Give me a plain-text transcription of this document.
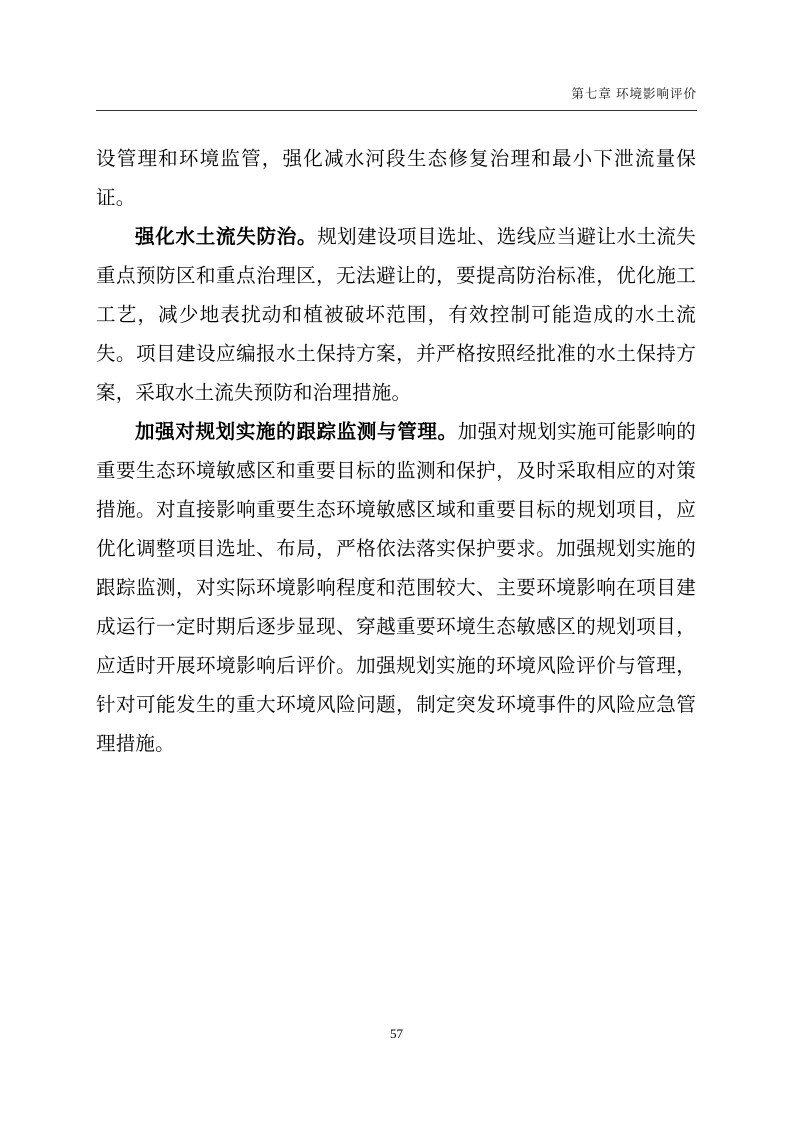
第七章 环境影响评价

设管理和环境监管，强化减水河段生态修复治理和最小下泄流量保证。

强化水土流失防治。规划建设项目选址、选线应当避让水土流失重点预防区和重点治理区，无法避让的，要提高防治标准，优化施工工艺，减少地表扰动和植被破坏范围，有效控制可能造成的水土流失。项目建设应编报水土保持方案，并严格按照经批准的水土保持方案，采取水土流失预防和治理措施。

加强对规划实施的跟踪监测与管理。加强对规划实施可能影响的重要生态环境敏感区和重要目标的监测和保护，及时采取相应的对策措施。对直接影响重要生态环境敏感区域和重要目标的规划项目，应优化调整项目选址、布局，严格依法落实保护要求。加强规划实施的跟踪监测，对实际环境影响程度和范围较大、主要环境影响在项目建成运行一定时期后逐步显现、穿越重要环境生态敏感区的规划项目，应适时开展环境影响后评价。加强规划实施的环境风险评价与管理，针对可能发生的重大环境风险问题，制定突发环境事件的风险应急管理措施。

57
